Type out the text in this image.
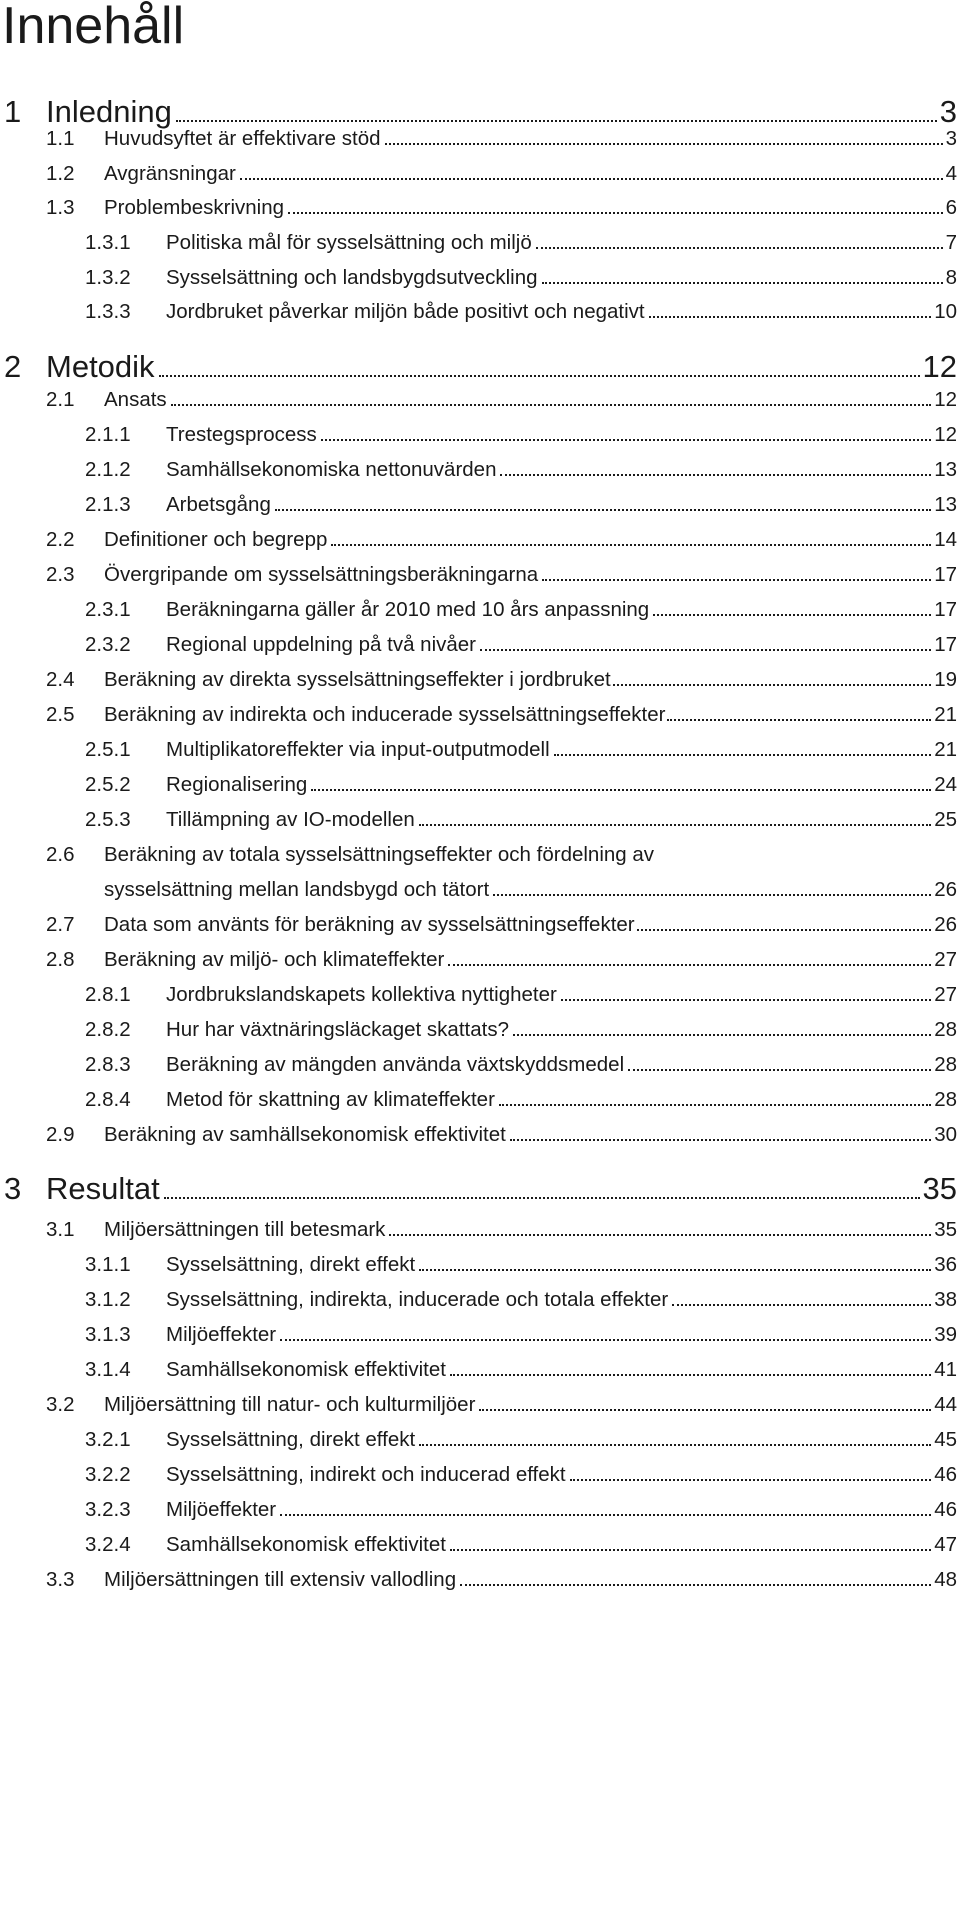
Innehåll
1 Inledning	3
1.1	Huvudsyftet är effektivare stöd	3
1.2	Avgränsningar	4
1.3	Problembeskrivning	6
1.3.1	Politiska mål för sysselsättning och miljö	7
1.3.2	Sysselsättning och landsbygdsutveckling	8
1.3.3	Jordbruket påverkar miljön både positivt och negativt	10
2 Metodik	12
2.1	Ansats	12
2.1.1	Trestegsprocess	12
2.1.2	Samhällsekonomiska nettonuvärden	13
2.1.3	Arbetsgång	13
2.2	Definitioner och begrepp	14
2.3	Övergripande om sysselsättningsberäkningarna	17
2.3.1	Beräkningarna gäller år 2010 med 10 års anpassning	17
2.3.2	Regional uppdelning på två nivåer	17
2.4	Beräkning av direkta sysselsättningseffekter i jordbruket	19
2.5	Beräkning av indirekta och inducerade sysselsättningseffekter	21
2.5.1	Multiplikatoreffekter via input-outputmodell	21
2.5.2	Regionalisering	24
2.5.3	Tillämpning av IO-modellen	25
2.6	Beräkning av totala sysselsättningseffekter och fördelning av
sysselsättning mellan landsbygd och tätort	26
2.7	Data som använts för beräkning av sysselsättningseffekter	26
2.8	Beräkning av miljö- och klimateffekter	27
2.8.1	Jordbrukslandskapets kollektiva nyttigheter	27
2.8.2	Hur har växtnäringsläckaget skattats?	28
2.8.3	Beräkning av mängden använda växtskyddsmedel	28
2.8.4	Metod för skattning av klimateffekter	28
2.9	Beräkning av samhällsekonomisk effektivitet	30
3 Resultat	35
3.1	Miljöersättningen till betesmark	35
3.1.1	Sysselsättning, direkt effekt	36
3.1.2	Sysselsättning, indirekta, inducerade och totala effekter	38
3.1.3	Miljöeffekter	39
3.1.4	Samhällsekonomisk effektivitet	41
3.2	Miljöersättning till natur- och kulturmiljöer	44
3.2.1	Sysselsättning, direkt effekt	45
3.2.2	Sysselsättning, indirekt och inducerad effekt	46
3.2.3	Miljöeffekter	46
3.2.4	Samhällsekonomisk effektivitet	47
3.3	Miljöersättningen till extensiv vallodling	48
